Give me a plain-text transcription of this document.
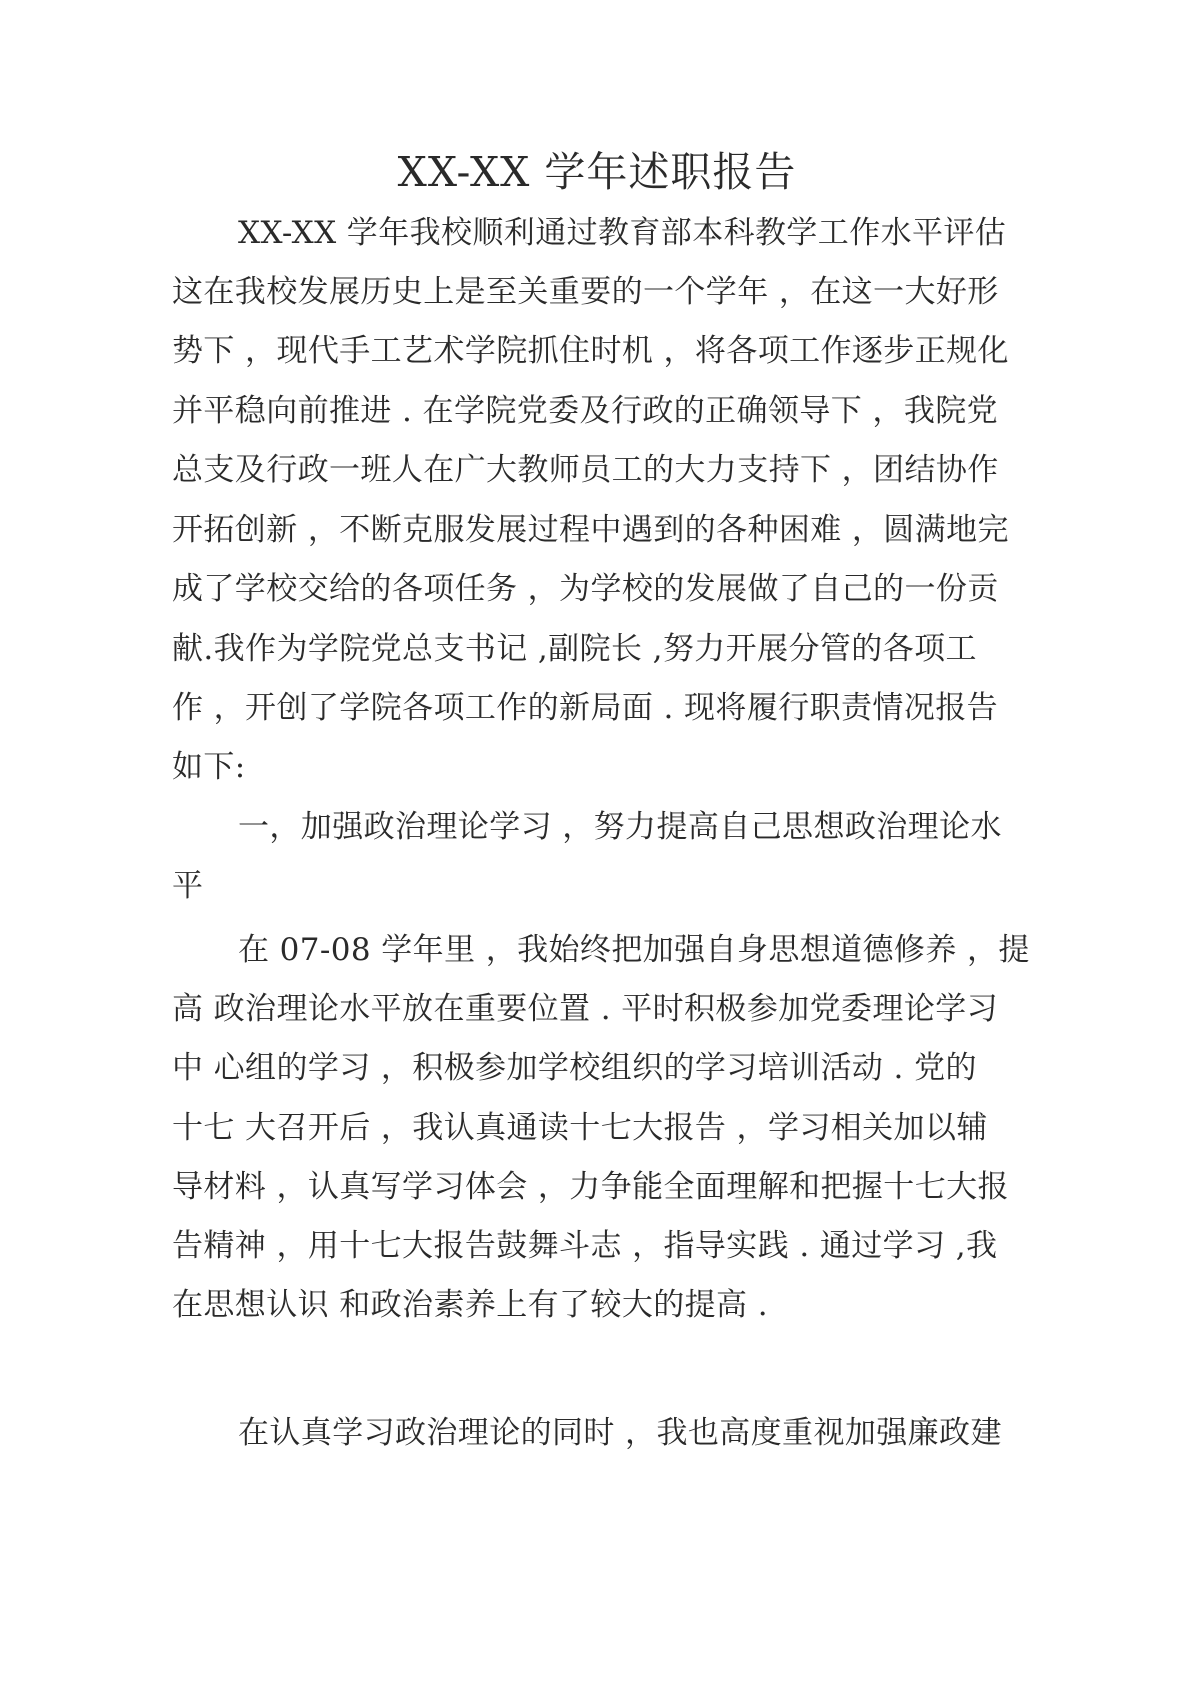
XX-XX 学年述职报告

XX-XX 学年我校顺利通过教育部本科教学工作水平评估

这在我校发展历史上是至关重要的一个学年 ，在这一大好形

势下 ，现代手工艺术学院抓住时机 ，将各项工作逐步正规化

并平稳向前推进 . 在学院党委及行政的正确领导下 ，我院党

总支及行政一班人在广大教师员工的大力支持下 ，团结协作

开拓创新 ，不断克服发展过程中遇到的各种困难 ，圆满地完

成了学校交给的各项任务 ，为学校的发展做了自己的一份贡

献.我作为学院党总支书记 ,副院长 ,努力开展分管的各项工

作 ，开创了学院各项工作的新局面 . 现将履行职责情况报告

如下:

一，加强政治理论学习 ，努力提高自己思想政治理论水

平

在 07-08 学年里 ，我始终把加强自身思想道德修养 ，提

高 政治理论水平放在重要位置 . 平时积极参加党委理论学习

中 心组的学习 ，积极参加学校组织的学习培训活动 . 党的

十七 大召开后 ，我认真通读十七大报告 ，学习相关加以辅

导材料 ，认真写学习体会 ，力争能全面理解和把握十七大报

告精神 ，用十七大报告鼓舞斗志 ，指导实践 . 通过学习 ,我

在思想认识 和政治素养上有了较大的提高 .

在认真学习政治理论的同时 ，我也高度重视加强廉政建
